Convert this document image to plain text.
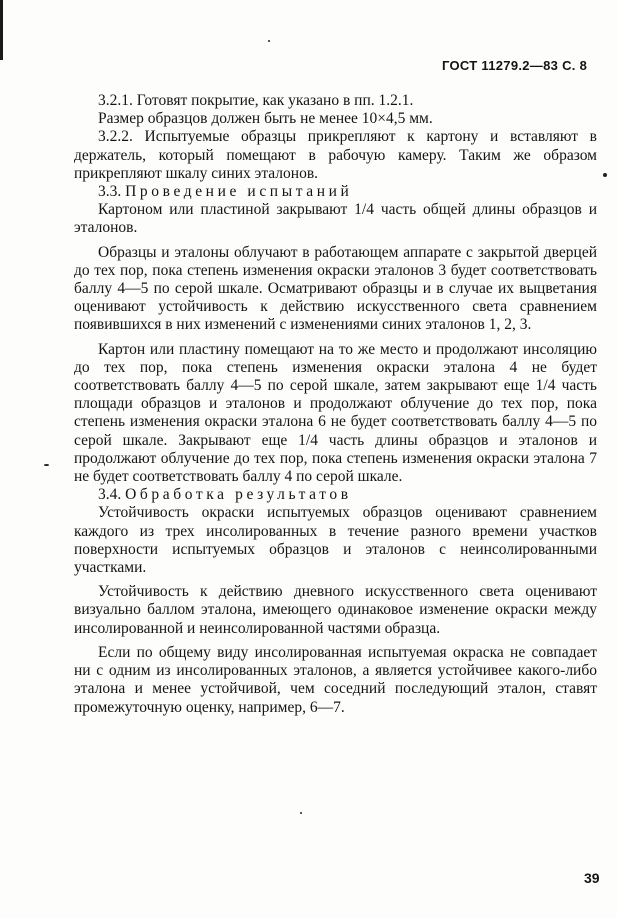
ГОСТ 11279.2—83 С. 8

3.2.1. Готовят покрытие, как указано в пп. 1.2.1.

Размер образцов должен быть не менее 10×4,5 мм.

3.2.2. Испытуемые образцы прикрепляют к картону и вставляют в держатель, который помещают в рабочую камеру. Таким же образом прикрепляют шкалу синих эталонов.

3.3. Проведение испытаний

Картоном или пластиной закрывают 1/4 часть общей длины образцов и эталонов.

Образцы и эталоны облучают в работающем аппарате с закрытой дверцей до тех пор, пока степень изменения окраски эталонов 3 будет соответствовать баллу 4—5 по серой шкале. Осматривают образцы и в случае их выцветания оценивают устойчивость к действию искусственного света сравнением появившихся в них изменений с изменениями синих эталонов 1, 2, 3.

Картон или пластину помещают на то же место и продолжают инсоляцию до тех пор, пока степень изменения окраски эталона 4 не будет соответствовать баллу 4—5 по серой шкале, затем закрывают еще 1/4 часть площади образцов и эталонов и продолжают облучение до тех пор, пока степень изменения окраски эталона 6 не будет соответствовать баллу 4—5 по серой шкале. Закрывают еще 1/4 часть длины образцов и эталонов и продолжают облучение до тех пор, пока степень изменения окраски эталона 7 не будет соответствовать баллу 4 по серой шкале.

3.4. Обработка результатов

Устойчивость окраски испытуемых образцов оценивают сравнением каждого из трех инсолированных в течение разного времени участков поверхности испытуемых образцов и эталонов с неинсолированными участками.

Устойчивость к действию дневного искусственного света оценивают визуально баллом эталона, имеющего одинаковое изменение окраски между инсолированной и неинсолированной частями образца.

Если по общему виду инсолированная испытуемая окраска не совпадает ни с одним из инсолированных эталонов, а является устойчивее какого-либо эталона и менее устойчивой, чем соседний последующий эталон, ставят промежуточную оценку, например, 6—7.

39
